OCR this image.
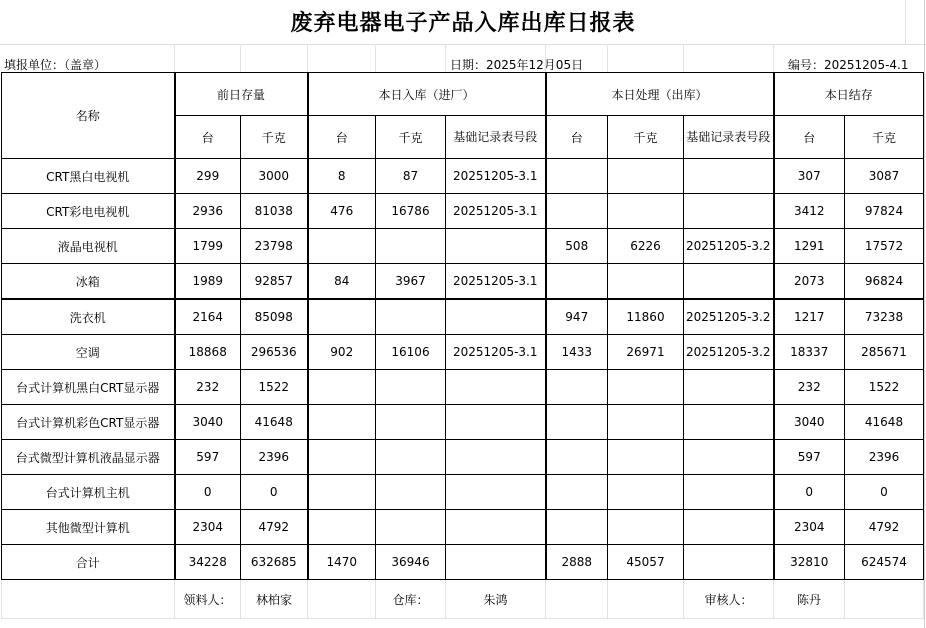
废弃电器电子产品入库出库日报表
填报单位：（盖章）	日期：2025年12月05日	编号：20251205-4.1
名称	前日存量		本日入库（进厂）			本日处理（出库）			本日结存	
	台	千克	台	千克	基础记录表号段	台	千克	基础记录表号段	台	千克
CRT黑白电视机	299	3000	8	87	20251205-3.1				307	3087
CRT彩电电视机	2936	81038	476	16786	20251205-3.1				3412	97824
液晶电视机	1799	23798				508	6226	20251205-3.2	1291	17572
冰箱	1989	92857	84	3967	20251205-3.1				2073	96824
洗衣机	2164	85098				947	11860	20251205-3.2	1217	73238
空调	18868	296536	902	16106	20251205-3.1	1433	26971	20251205-3.2	18337	285671
台式计算机黑白CRT显示器	232	1522							232	1522
台式计算机彩色CRT显示器	3040	41648							3040	41648
台式微型计算机液晶显示器	597	2396							597	2396
台式计算机主机	0	0							0	0
其他微型计算机	2304	4792							2304	4792
合计	34228	632685	1470	36946		2888	45057		32810	624574
	领料人：	林柏家		仓库：	朱鸿			审核人：	陈丹	
